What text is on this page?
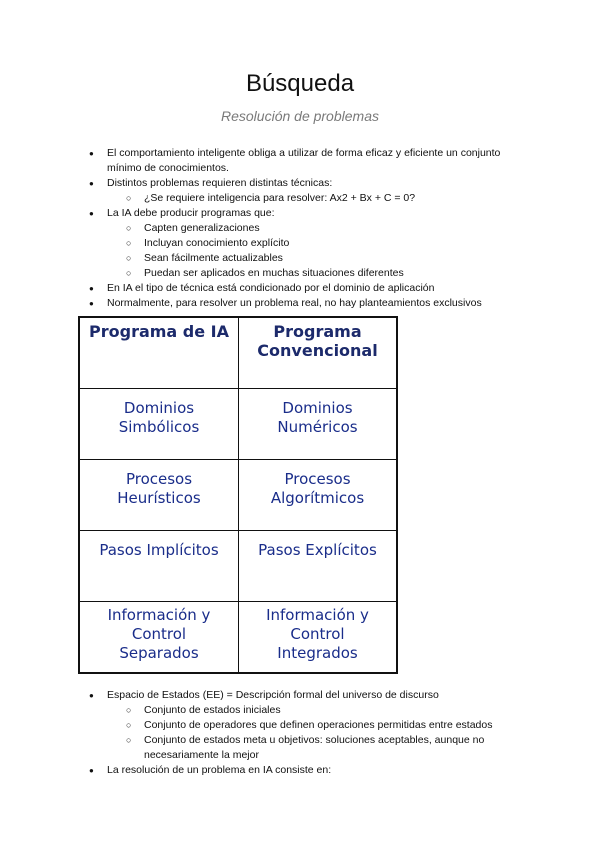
Búsqueda
Resolución de problemas
● El comportamiento inteligente obliga a utilizar de forma eficaz y eficiente un conjunto mínimo de conocimientos.
● Distintos problemas requieren distintas técnicas:
○ ¿Se requiere inteligencia para resolver: Ax2 + Bx + C = 0?
● La IA debe producir programas que:
○ Capten generalizaciones
○ Incluyan conocimiento explícito
○ Sean fácilmente actualizables
○ Puedan ser aplicados en muchas situaciones diferentes
● En IA el tipo de técnica está condicionado por el dominio de aplicación
● Normalmente, para resolver un problema real, no hay planteamientos exclusivos
Programa de IA	Programa Convencional
Dominios Simbólicos
Dominios Numéricos
Procesos Heurísticos
Procesos Algorítmicos
Pasos Implícitos	Pasos Explícitos
Información y Control Separados
Información y Control Integrados
● Espacio de Estados (EE) = Descripción formal del universo de discurso
○ Conjunto de estados iniciales
○ Conjunto de operadores que definen operaciones permitidas entre estados
○ Conjunto de estados meta u objetivos: soluciones aceptables, aunque no necesariamente la mejor
● La resolución de un problema en IA consiste en:
